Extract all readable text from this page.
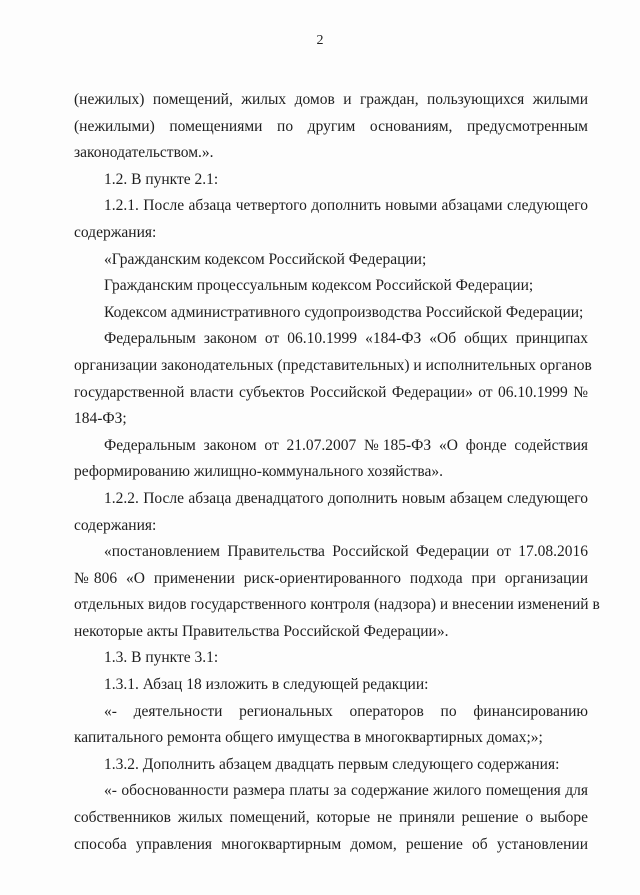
2
(нежилых) помещений, жилых домов и граждан, пользующихся жилыми
(нежилыми) помещениями по другим основаниям, предусмотренным
законодательством.».
1.2. В пункте 2.1:
1.2.1. После абзаца четвертого дополнить новыми абзацами следующего
содержания:
«Гражданским кодексом Российской Федерации;
Гражданским процессуальным кодексом Российской Федерации;
Кодексом административного судопроизводства Российской Федерации;
Федеральным законом от 06.10.1999 «184-ФЗ «Об общих принципах
организации законодательных (представительных) и исполнительных органов
государственной власти субъектов Российской Федерации» от 06.10.1999 №
184-ФЗ;
Федеральным законом от 21.07.2007 №185-ФЗ «О фонде содействия
реформированию жилищно-коммунального хозяйства».
1.2.2. После абзаца двенадцатого дополнить новым абзацем следующего
содержания:
«постановлением Правительства Российской Федерации от 17.08.2016
№806 «О применении риск-ориентированного подхода при организации
отдельных видов государственного контроля (надзора) и внесении изменений в
некоторые акты Правительства Российской Федерации».
1.3. В пункте 3.1:
1.3.1. Абзац 18 изложить в следующей редакции:
«- деятельности региональных операторов по финансированию
капитального ремонта общего имущества в многоквартирных домах;»;
1.3.2. Дополнить абзацем двадцать первым следующего содержания:
«- обоснованности размера платы за содержание жилого помещения для
собственников жилых помещений, которые не приняли решение о выборе
способа управления многоквартирным домом, решение об установлении
